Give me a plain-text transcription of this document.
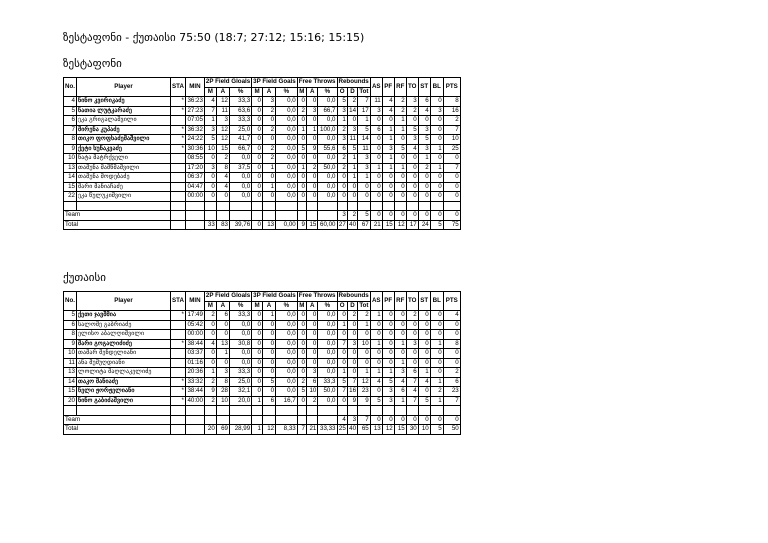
ზესტაფონი - ქუთაისი 75:50 (18:7; 27:12; 15:16; 15:15)
ზესტაფონი
No.	Player	STA	MIN	2P Field Gloals			3P Field Goals			Free Throws			Rebounds			AS	PF	RF	TO	ST	BL	PTS
				M	A	%	M	A	%	M	A	%	O	D	Tot							
4	ნინო კვირიკაძე	*	36:23	4	12	33,3	0	3	0,0	0	0	0,0	5	2	7	11	4	2	3	6	0	8
5	ნათია ლუტკარაძე	*	27:23	7	11	63,6	0	2	0,0	2	3	66,7	3	14	17	3	4	2	2	4	3	16
6	ეკა გრიგალაშვილი		07:05	1	3	33,3	0	0	0,0	0	0	0,0	1	0	1	0	0	1	0	0	0	2
7	მირენა კუპაძე	*	36:32	3	12	25,0	0	2	0,0	1	1	100,0	2	3	5	6	1	1	5	3	0	7
8	თიკო ფოფხაძემაშვილი	*	24:22	5	12	41,7	0	0	0,0	0	0	0,0	3	11	14	0	1	0	3	5	0	10
9	ქეტი ხუნაკვაძე	*	30:36	10	15	66,7	0	2	0,0	5	9	55,6	6	5	11	0	3	5	4	3	1	25
10	ნატა მატრქველი		08:55	0	2	0,0	0	2	0,0	0	0	0,0	2	1	3	0	1	0	0	1	0	0
13	თამუნა მამწმაშვილი		17:20	3	8	37,5	0	1	0,0	1	2	50,0	2	1	3	1	1	1	0	2	1	7
14	თამუნა მოდებაძე		06:37	0	4	0,0	0	0	0,0	0	0	0,0	0	1	1	0	0	0	0	0	0	0
15	მარი მანიაჩაძე		04:47	0	4	0,0	0	1	0,0	0	0	0,0	0	0	0	0	0	0	0	0	0	0
22	ეკა წულუკიშვილი		00:00	0	0	0,0	0	0	0,0	0	0	0,0	0	0	0	0	0	0	0	0	0	0

Team													3	2	5	0	0	0	0	0	0	0
Total				33	83	39,76	0	13	0,00	9	15	60,00	27	40	67	21	15	12	17	24	5	75
ქუთაისი
No.	Player	STA	MIN	2P Field Gloals			3P Field Goals			Free Throws			Rebounds			AS	PF	RF	TO	ST	BL	PTS
				M	A	%	M	A	%	M	A	%	O	D	Tot							
5	ქეთი ჯავშმია	*	17:49	2	6	33,3	0	1	0,0	0	0	0,0	0	2	2	1	0	0	2	0	0	4
6	სალომე გაბრიაძე		05:42	0	0	0,0	0	0	0,0	0	0	0,0	1	0	1	0	0	0	0	0	0	0
8	ელისო აბალღიშვილი		00:00	0	0	0,0	0	0	0,0	0	0	0,0	0	0	0	0	0	0	0	0	0	0
9	მარი გოგალიძიძე	*	38:44	4	13	30,8	0	0	0,0	0	0	0,0	7	3	10	1	0	1	3	0	1	8
10	თამარ მენდელიანი		03:37	0	1	0,0	0	0	0,0	0	0	0,0	0	0	0	0	0	0	0	0	0	0
11	ანა მუმუღდიანი		01:16	0	0	0,0	0	0	0,0	0	0	0,0	0	0	0	0	0	1	0	0	0	0
13	ლოლიტა მაღლაკელიძე		20:36	1	3	33,3	0	0	0,0	0	3	0,0	1	0	1	1	1	3	6	1	0	2
14	თაკო მანიაძე	*	33:32	2	8	25,0	0	5	0,0	2	6	33,3	5	7	12	4	5	4	7	4	1	6
15	ნელი ჟორჟელიანი	*	38:44	9	28	32,1	0	0	0,0	5	10	50,0	7	16	23	0	3	6	4	0	2	23
20	ნინო გაბიძაშვილი	*	40:00	2	10	20,0	1	6	16,7	0	2	0,0	0	9	9	5	3	1	7	5	1	7

Team													4	3	7	0	0	0	0	0	0	0
Total				20	69	28,99	1	12	8,33	7	21	33,33	25	40	65	13	12	15	30	10	5	50
